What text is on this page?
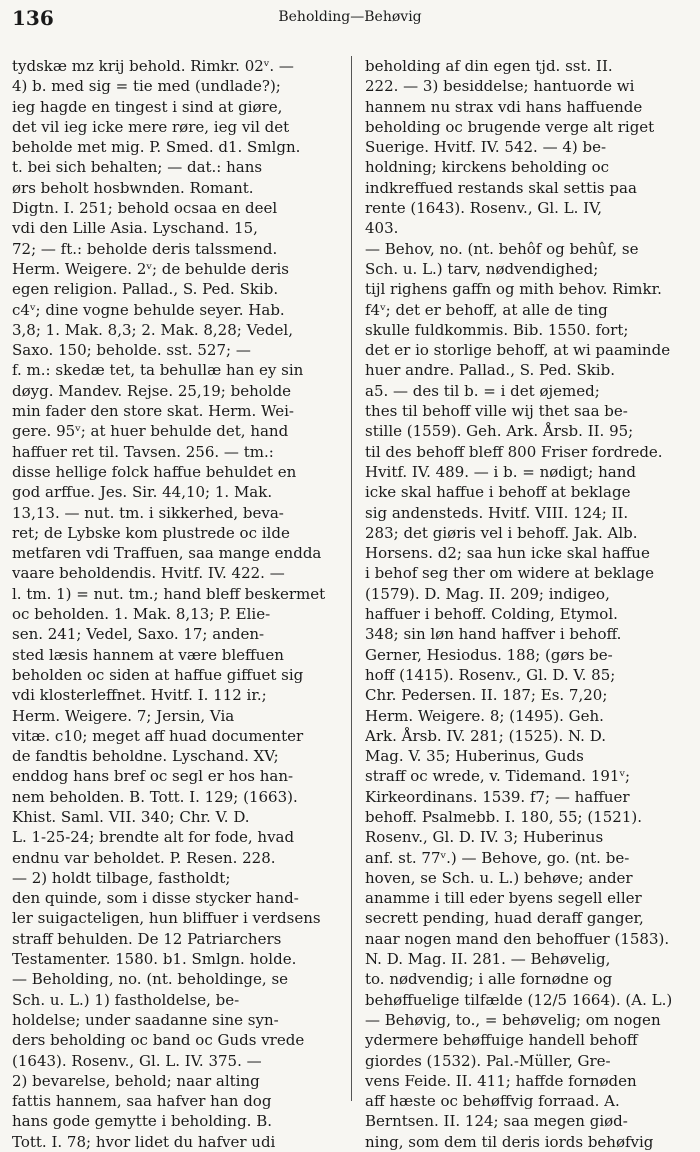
136	Beholding—Behøvig
tydskæ mz krij behold. Rimkr. 02ᵛ. —
4) b. med sig = tie med (undlade?);
ieg hagde en tingest i sind at giøre,
det vil ieg icke mere røre, ieg vil det
beholde met mig. P. Smed. d1. Smlgn.
t. bei sich behalten; — dat.: hans
ørs beholt hosbwnden. Romant.
Digtn. I. 251; behold ocsaa en deel
vdi den Lille Asia. Lyschand. 15,
72; — ft.: beholde deris talssmend.
Herm. Weigere. 2ᵛ; de behulde deris
egen religion. Pallad., S. Ped. Skib.
c4ᵛ; dine vogne behulde seyer. Hab.
3,8; 1. Mak. 8,3; 2. Mak. 8,28; Vedel,
Saxo. 150; beholde. sst. 527; —
f. m.: skedæ tet, ta behullæ han ey sin
døyg. Mandev. Rejse. 25,19; beholde
min fader den store skat. Herm. Wei-
gere. 95ᵛ; at huer behulde det, hand
haffuer ret til. Tavsen. 256. — tm.:
disse hellige folck haffue behuldet en
god arffue. Jes. Sir. 44,10; 1. Mak.
13,13. — nut. tm. i sikkerhed, beva-
ret; de Lybske kom plustrede oc ilde
metfaren vdi Traffuen, saa mange endda
vaare beholdendis. Hvitf. IV. 422. —
l. tm. 1) = nut. tm.; hand bleff beskermet
oc beholden. 1. Mak. 8,13; P. Elie-
sen. 241; Vedel, Saxo. 17; anden-
sted læsis hannem at være bleffuen
beholden oc siden at haffue giffuet sig
vdi klosterleffnet. Hvitf. I. 112 ir.;
Herm. Weigere. 7; Jersin, Via
vitæ. c10; meget aff huad documenter
de fandtis beholdne. Lyschand. XV;
enddog hans bref oc segl er hos han-
nem beholden. B. Tott. I. 129; (1663).
Khist. Saml. VII. 340; Chr. V. D.
L. 1-25-24; brendte alt for fode, hvad
endnu var beholdet. P. Resen. 228.
— 2) holdt tilbage, fastholdt;
den quinde, som i disse stycker hand-
ler suigacteligen, hun bliffuer i verdsens
straff behulden. De 12 Patriarchers
Testamenter. 1580. b1. Smlgn. holde.
— Beholding, no. (nt. beholdinge, se
Sch. u. L.) 1) fastholdelse, be-
holdelse; under saadanne sine syn-
ders beholding oc band oc Guds vrede
(1643). Rosenv., Gl. L. IV. 375. —
2) bevarelse, behold; naar alting
fattis hannem, saa hafver han dog
hans gode gemytte i beholding. B.
Tott. I. 78; hvor lidet du hafver udi
beholding af din egen tjd. sst. II.
222. — 3) besiddelse; hantuorde wi
hannem nu strax vdi hans haffuende
beholding oc brugende verge alt riget
Suerige. Hvitf. IV. 542. — 4) be-
holdning; kirckens beholding oc
indkreffued restands skal settis paa
rente (1643). Rosenv., Gl. L. IV,
403.
— Behov, no. (nt. behôf og behûf, se
Sch. u. L.) tarv, nødvendighed;
tijl righens gaffn og mith behov. Rimkr.
f4ᵛ; det er behoff, at alle de ting
skulle fuldkommis. Bib. 1550. fort;
det er io storlige behoff, at wi paaminde
huer andre. Pallad., S. Ped. Skib.
a5. — des til b. = i det øjemed;
thes til behoff ville wij thet saa be-
stille (1559). Geh. Ark. Årsb. II. 95;
til des behoff bleff 800 Friser fordrede.
Hvitf. IV. 489. — i b. = nødigt; hand
icke skal haffue i behoff at beklage
sig andensteds. Hvitf. VIII. 124; II.
283; det giøris vel i behoff. Jak. Alb.
Horsens. d2; saa hun icke skal haffue
i behof seg ther om widere at beklage
(1579). D. Mag. II. 209; indigeo,
haffuer i behoff. Colding, Etymol.
348; sin løn hand haffver i behoff.
Gerner, Hesiodus. 188; (gørs be-
hoff (1415). Rosenv., Gl. D. V. 85;
Chr. Pedersen. II. 187; Es. 7,20;
Herm. Weigere. 8; (1495). Geh.
Ark. Årsb. IV. 281; (1525). N. D.
Mag. V. 35; Huberinus, Guds
straff oc wrede, v. Tidemand. 191ᵛ;
Kirkeordinans. 1539. f7; — haffuer
behoff. Psalmebb. I. 180, 55; (1521).
Rosenv., Gl. D. IV. 3; Huberinus
anf. st. 77ᵛ.) — Behove, go. (nt. be-
hoven, se Sch. u. L.) behøve; ander
anamme i till eder byens segell eller
secrett pending, huad deraff ganger,
naar nogen mand den behoffuer (1583).
N. D. Mag. II. 281. — Behøvelig,
to. nødvendig; i alle fornødne og
behøffuelige tilfælde (12/5 1664). (A. L.)
— Behøvig, to., = behøvelig; om nogen
ydermere behøffuige handell behoff
giordes (1532). Pal.-Müller, Gre-
vens Feide. II. 411; haffde fornøden
aff hæste oc behøffvig forraad. A.
Berntsen. II. 124; saa megen giød-
ning, som dem til deris iords behøfvig
